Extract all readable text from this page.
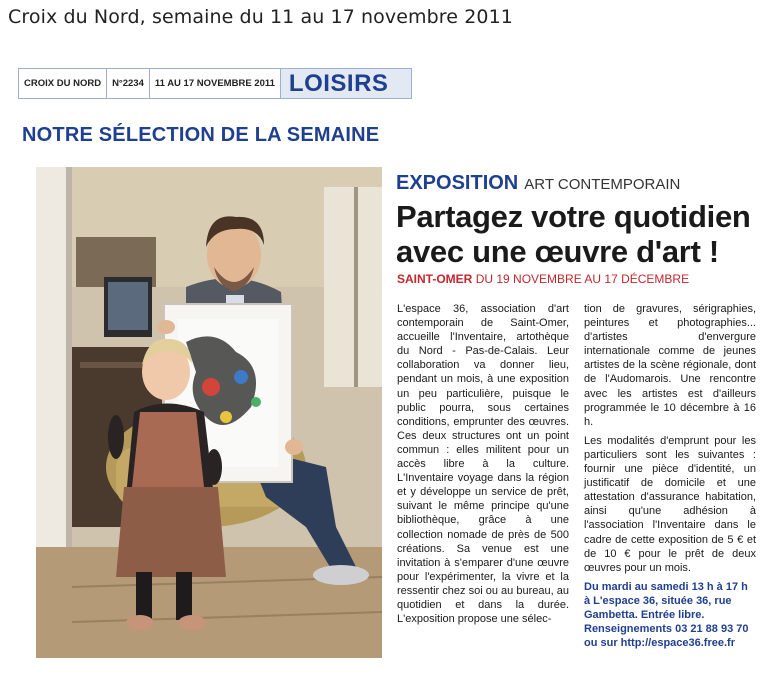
Croix du Nord, semaine du 11 au 17 novembre 2011
CROIX DU NORD	N°2234	11 AU 17 NOVEMBRE 2011 LOISIRS
NOTRE SÉLECTION DE LA SEMAINE
EXPOSITION ART CONTEMPORAIN
Partagez votre quotidien avec une œuvre d'art !
SAINT-OMER DU 19 NOVEMBRE AU 17 DÉCEMBRE

L'espace 36, association d'art contemporain de Saint-Omer, accueille l'Inventaire, artothèque du Nord - Pas-de-Calais. Leur collaboration va donner lieu, pendant un mois, à une exposition un peu particulière, puisque le public pourra, sous certaines conditions, emprunter des œuvres. Ces deux structures ont un point commun : elles militent pour un accès libre à la culture. L'Inventaire voyage dans la région et y développe un service de prêt, suivant le même principe qu'une bibliothèque, grâce à une collection nomade de près de 500 créations. Sa venue est une invitation à s'emparer d'une œuvre pour l'expérimenter, la vivre et la ressentir chez soi ou au bureau, au quotidien et dans la durée. L'exposition propose une sélec-

tion de gravures, sérigraphies, peintures et photographies... d'artistes d'envergure internationale comme de jeunes artistes de la scène régionale, dont de l'Audomarois. Une rencontre avec les artistes est d'ailleurs programmée le 10 décembre à 16 h.

Les modalités d'emprunt pour les particuliers sont les suivantes : fournir une pièce d'identité, un justificatif de domicile et une attestation d'assurance habitation, ainsi qu'une adhésion à l'association l'Inventaire dans le cadre de cette exposition de 5 € et de 10 € pour le prêt de deux œuvres pour un mois.

Du mardi au samedi 13 h à 17 h à L'espace 36, située 36, rue Gambetta. Entrée libre. Renseignements 03 21 88 93 70 ou sur http://espace36.free.fr
